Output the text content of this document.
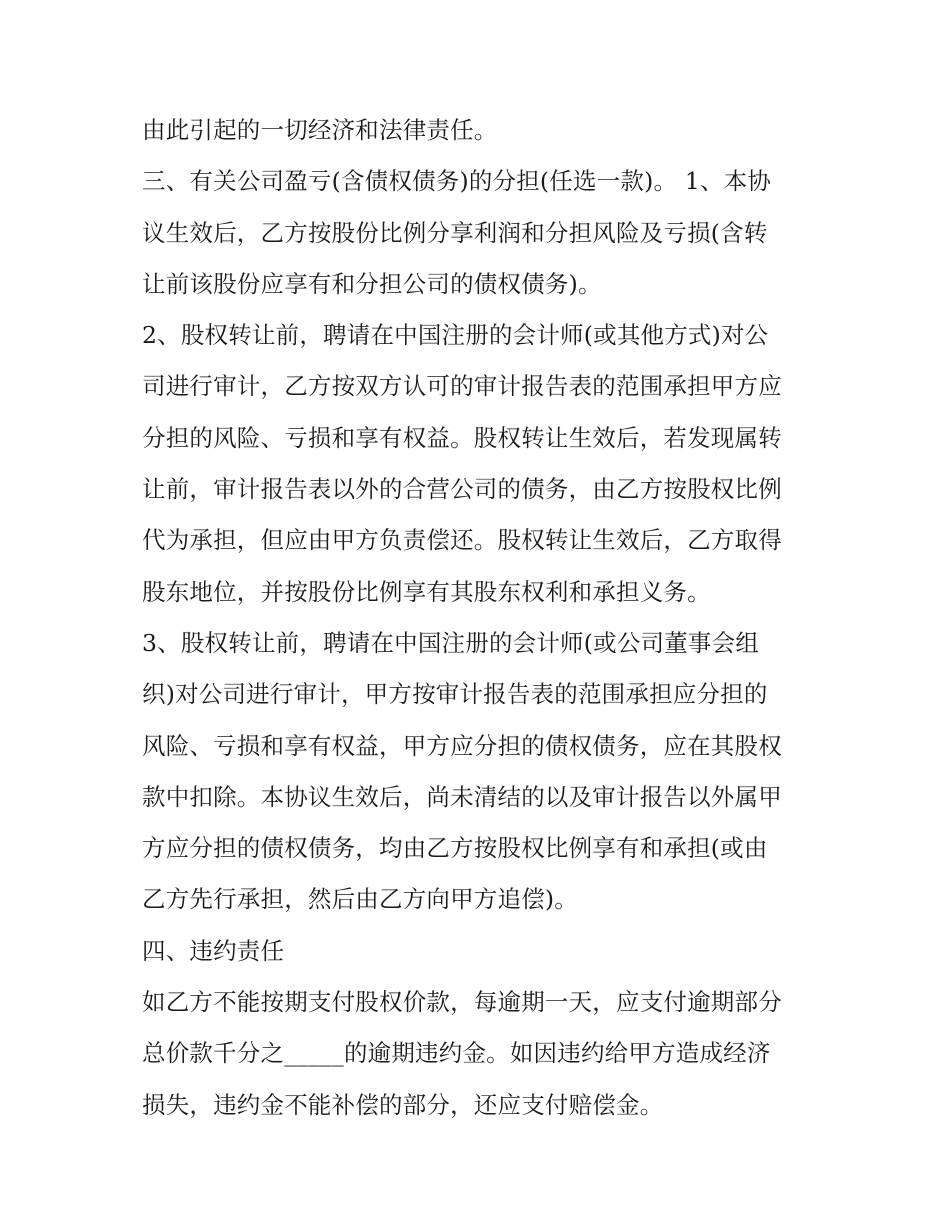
由此引起的一切经济和法律责任。
三、有关公司盈亏(含债权债务)的分担(任选一款)。 1、本协
议生效后，乙方按股份比例分享利润和分担风险及亏损(含转
让前该股份应享有和分担公司的债权债务)。
2、股权转让前，聘请在中国注册的会计师(或其他方式)对公
司进行审计，乙方按双方认可的审计报告表的范围承担甲方应
分担的风险、亏损和享有权益。股权转让生效后，若发现属转
让前，审计报告表以外的合营公司的债务，由乙方按股权比例
代为承担，但应由甲方负责偿还。股权转让生效后，乙方取得
股东地位，并按股份比例享有其股东权利和承担义务。
3、股权转让前，聘请在中国注册的会计师(或公司董事会组
织)对公司进行审计，甲方按审计报告表的范围承担应分担的
风险、亏损和享有权益，甲方应分担的债权债务，应在其股权
款中扣除。本协议生效后，尚未清结的以及审计报告以外属甲
方应分担的债权债务，均由乙方按股权比例享有和承担(或由
乙方先行承担，然后由乙方向甲方追偿)。
四、违约责任
如乙方不能按期支付股权价款，每逾期一天，应支付逾期部分
总价款千分之_____的逾期违约金。如因违约给甲方造成经济
损失，违约金不能补偿的部分，还应支付赔偿金。
